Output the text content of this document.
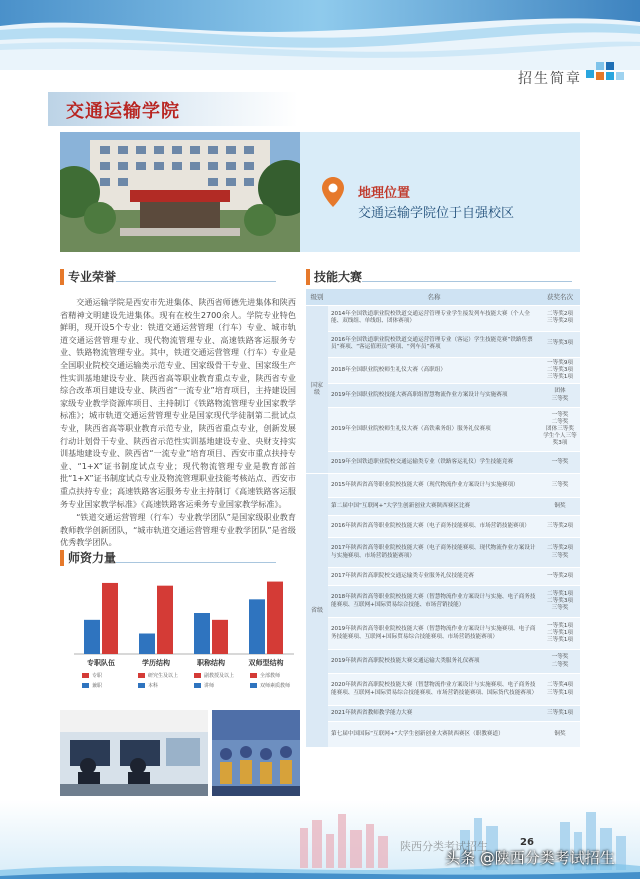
招生简章
交通运输学院
地理位置
交通运输学院位于自强校区
专业荣誉

交通运输学院是西安市先进集体、陕西省师德先进集体和陕西省精神文明建设先进集体。现有在校生2700余人。学院专业特色鲜明，现开设5个专业：铁道交通运营管理（行车）专业、城市轨道交通运营管理专业、现代物流管理专业、高速铁路客运服务专业、铁路物流管理专业。其中，铁道交通运营管理（行车）专业是全国职业院校交通运输类示范专业、国家级骨干专业、国家级生产性实训基地建设专业、陕西省高等职业教育重点专业，陕西省专业综合改革项目建设专业、陕西省“一流专业”培育项目，主持建设国家级专业教学资源库项目、主持制订《铁路物流管理专业国家教学标准》；城市轨道交通运营管理专业是国家现代学徒制第二批试点专业，陕西省高等职业教育示范专业，陕西省重点专业，创新发展行动计划骨干专业、陕西省示范性实训基地建设专业、央财支持实训基地建设专业、陕西省“一流专业”培育项目、西安市重点扶持专业、“1+X”证书制度试点专业；现代物流管理专业是教育部首批“1+X”证书制度试点专业及物流管理职业技能考核站点、西安市重点扶持专业；高速铁路客运服务专业主持制订《高速铁路客运服务专业国家教学标准》《高速铁路客运乘务专业国家教学标准》。

“铁道交通运营管理（行车）专业教学团队”是国家级职业教育教师教学创新团队，“城市轨道交通运营管理专业教学团队”是省级优秀教学团队。

师资力量
专职队伍	学历结构	职称结构	双师型结构
专职	研究生及以上	副教授及以上	全部教师
兼职	本科	讲师	双师素质教师
技能大赛
级别	名称	获奖名次
国家级	2014年全国铁道职业院校铁道交通运营管理专业学生接发列车技能大赛（个人全能、双线组、单线组、团体赛项）	二等奖2项
三等奖2项
	2016年全国铁道职业院校铁道交通运营管理专业（客运）学生技能竞赛“铁路售票员”赛项、“客运值班员”赛项、“列车员”赛项	三等奖3项
	2018年全国职业院校师生礼仪大赛（高职组）	一等奖9项
二等奖3项
三等奖1项
	2019年全国职业院校技能大赛高职组智慧物流作业方案设计与实施赛项	团体
三等奖
	2019年全国职业院校师生礼仪大赛（高铁乘务组）服务礼仪赛项	一等奖
二等奖
团体三等奖
学生个人三等奖3项
	2019年全国铁道职业院校交通运输类专业（铁路客运礼仪）学生技能竞赛	一等奖
省级	2015年陕西省高等职业院校技能大赛（现代物流作业方案设计与实施赛项）	三等奖
	第二届中国“互联网+”大学生创新创业大赛陕西赛区比赛	铜奖
	2016年陕西省高等职业院校技能大赛（电子商务技能赛项、市场营销技能赛项）	三等奖2项
	2017年陕西省高等职业院校技能大赛（电子商务技能赛项、现代物流作业方案设计与实施赛项、市场营销技能赛项）	二等奖2项
三等奖
	2017年陕西省高职院校交通运输类专业服务礼仪技能竞赛	一等奖2项
	2018年陕西省高等职业院校技能大赛（智慧物流作业方案设计与实施、电子商务技能赛项、互联网+国际贸易综合技能、市场营销技能）	二等奖1项
二等奖3项
三等奖
	2019年陕西省高等职业院校技能大赛（智慧物流作业方案设计与实施赛项、电子商务技能赛项、互联网+国际贸易综合技能赛项、市场营销技能赛项）	一等奖1项
二等奖1项
三等奖1项
	2019年陕西省高职院校技能大赛交通运输大类服务礼仪赛项	一等奖
二等奖
	2020年陕西省高职院校技能大赛（智慧物流作业方案设计与实施赛项、电子商务技能赛项、互联网+国际贸易综合技能赛项、市场营销技能赛项、国际货代技能赛项）	二等奖4项
三等奖1项
	2021年陕西省教师教学能力大赛	三等奖1项
	第七届中国国际“互联网+”大学生创新创业大赛陕西赛区（职教赛道）	铜奖
陕西分类考试招生	26
头条 @陕西分类考试招生
